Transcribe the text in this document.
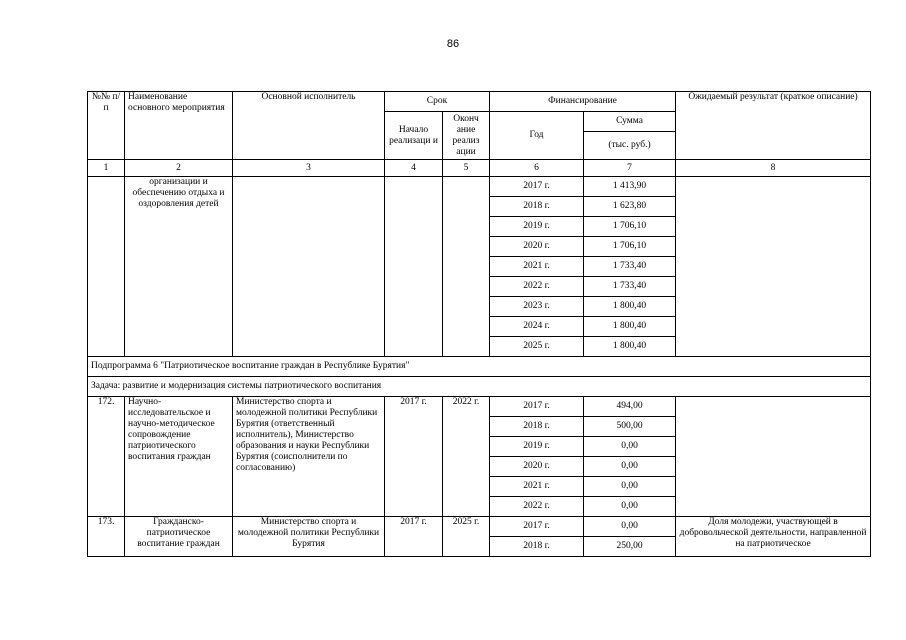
86
№№ п/п	Наименование основного мероприятия	Основной исполнитель	Срок		Финансирование		Ожидаемый результат (краткое описание)
			Начало реализаци и	Оконч ание реализ ации	Год	Сумма	
						(тыс. руб.)	
1	2	3	4	5	6	7	8
	организации и обеспечению отдыха и оздоровления детей				2017 г.	1 413,90	
					2018 г.	1 623,80	
					2019 г.	1 706,10	
					2020 г.	1 706,10	
					2021 г.	1 733,40	
					2022 г.	1 733,40	
					2023 г.	1 800,40	
					2024 г.	1 800,40	
					2025 г.	1 800,40	
Подпрограмма 6 "Патриотическое воспитание граждан в Республике Бурятия"							
Задача: развитие и модернизация системы патриотического воспитания							
172.	Научно-исследовательское и научно-методическое сопровождение патриотического воспитания граждан	Министерство спорта и молодежной политики Республики Бурятия (ответственный исполнитель), Министерство образования и науки Республики Бурятия (соисполнители по согласованию)	2017 г.	2022 г.	2017 г.	494,00	
					2018 г.	500,00	
					2019 г.	0,00	
					2020 г.	0,00	
					2021 г.	0,00	
					2022 г.	0,00	
173.	Гражданско-патриотическое воспитание граждан	Министерство спорта и молодежной политики Республики Бурятия	2017 г.	2025 г.	2017 г.	0,00	Доля молодежи, участвующей в добровольческой деятельности, направленной на патриотическое
					2018 г.	250,00	
